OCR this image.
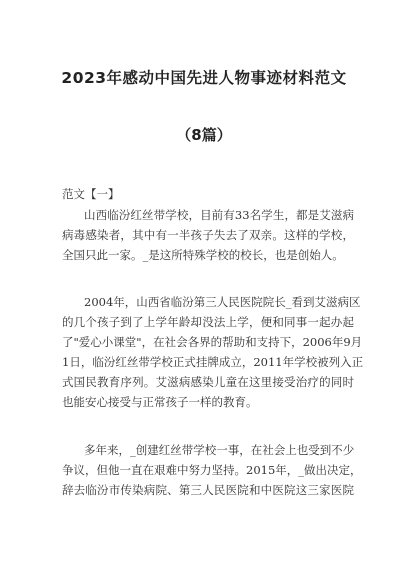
2023年感动中国先进人物事迹材料范文
（8篇）
范文【一】
山西临汾红丝带学校，目前有33名学生，都是艾滋病
病毒感染者，其中有一半孩子失去了双亲。这样的学校，
全国只此一家。_是这所特殊学校的校长，也是创始人。
2004年，山西省临汾第三人民医院院长_看到艾滋病区
的几个孩子到了上学年龄却没法上学，便和同事一起办起
了"爱心小课堂"，在社会各界的帮助和支持下，2006年9月
1日，临汾红丝带学校正式挂牌成立，2011年学校被列入正
式国民教育序列。艾滋病感染儿童在这里接受治疗的同时
也能安心接受与正常孩子一样的教育。
多年来，_创建红丝带学校一事，在社会上也受到不少
争议，但他一直在艰难中努力坚持。2015年，_做出决定，
辞去临汾市传染病院、第三人民医院和中医院这三家医院
